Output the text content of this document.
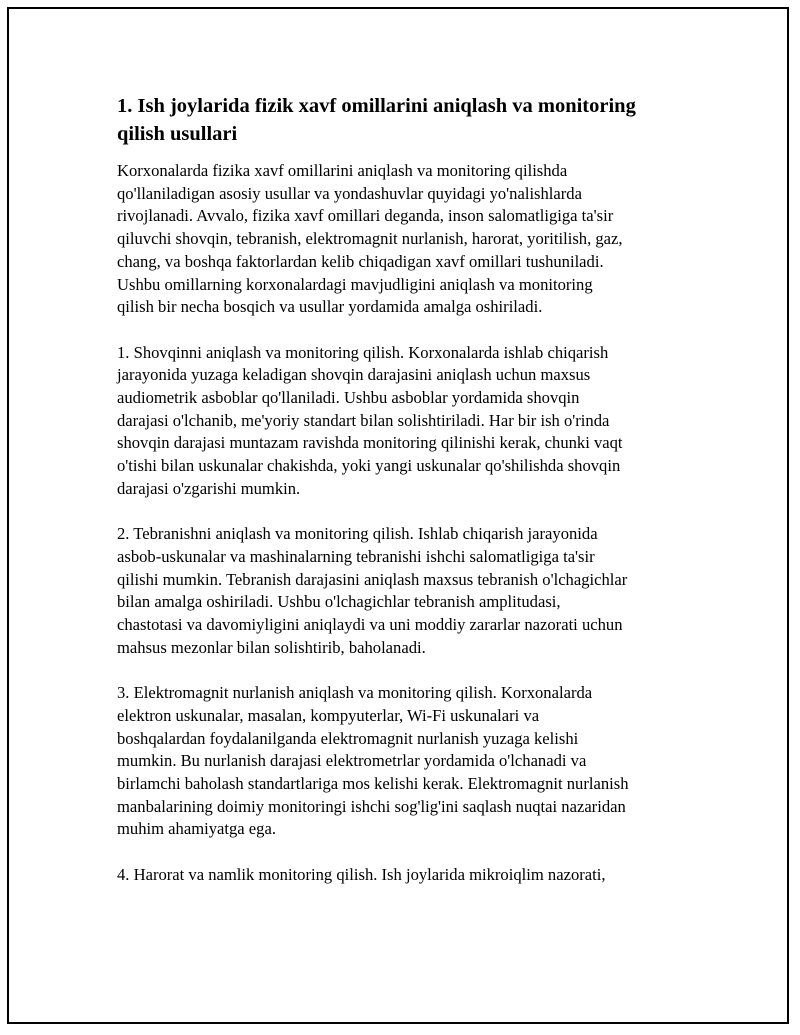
1. Ish joylarida fizik xavf omillarini aniqlash va monitoring
qilish usullari
Korxonalarda fizika xavf omillarini aniqlash va monitoring qilishda
qo'llaniladigan asosiy usullar va yondashuvlar quyidagi yo'nalishlarda
rivojlanadi. Avvalo, fizika xavf omillari deganda, inson salomatligiga ta'sir
qiluvchi shovqin, tebranish, elektromagnit nurlanish, harorat, yoritilish, gaz,
chang, va boshqa faktorlardan kelib chiqadigan xavf omillari tushuniladi.
Ushbu omillarning korxonalardagi mavjudligini aniqlash va monitoring
qilish bir necha bosqich va usullar yordamida amalga oshiriladi.
1. Shovqinni aniqlash va monitoring qilish. Korxonalarda ishlab chiqarish
jarayonida yuzaga keladigan shovqin darajasini aniqlash uchun maxsus
audiometrik asboblar qo'llaniladi. Ushbu asboblar yordamida shovqin
darajasi o'lchanib, me'yoriy standart bilan solishtiriladi. Har bir ish o'rinda
shovqin darajasi muntazam ravishda monitoring qilinishi kerak, chunki vaqt
o'tishi bilan uskunalar chakishda, yoki yangi uskunalar qo'shilishda shovqin
darajasi o'zgarishi mumkin.
2. Tebranishni aniqlash va monitoring qilish. Ishlab chiqarish jarayonida
asbob-uskunalar va mashinalarning tebranishi ishchi salomatligiga ta'sir
qilishi mumkin. Tebranish darajasini aniqlash maxsus tebranish o'lchagichlar
bilan amalga oshiriladi. Ushbu o'lchagichlar tebranish amplitudasi,
chastotasi va davomiyligini aniqlaydi va uni moddiy zararlar nazorati uchun
mahsus mezonlar bilan solishtirib, baholanadi.
3. Elektromagnit nurlanish aniqlash va monitoring qilish. Korxonalarda
elektron uskunalar, masalan, kompyuterlar, Wi-Fi uskunalari va
boshqalardan foydalanilganda elektromagnit nurlanish yuzaga kelishi
mumkin. Bu nurlanish darajasi elektrometrlar yordamida o'lchanadi va
birlamchi baholash standartlariga mos kelishi kerak. Elektromagnit nurlanish
manbalarining doimiy monitoringi ishchi sog'lig'ini saqlash nuqtai nazaridan
muhim ahamiyatga ega.
4. Harorat va namlik monitoring qilish. Ish joylarida mikroiqlim nazorati,
